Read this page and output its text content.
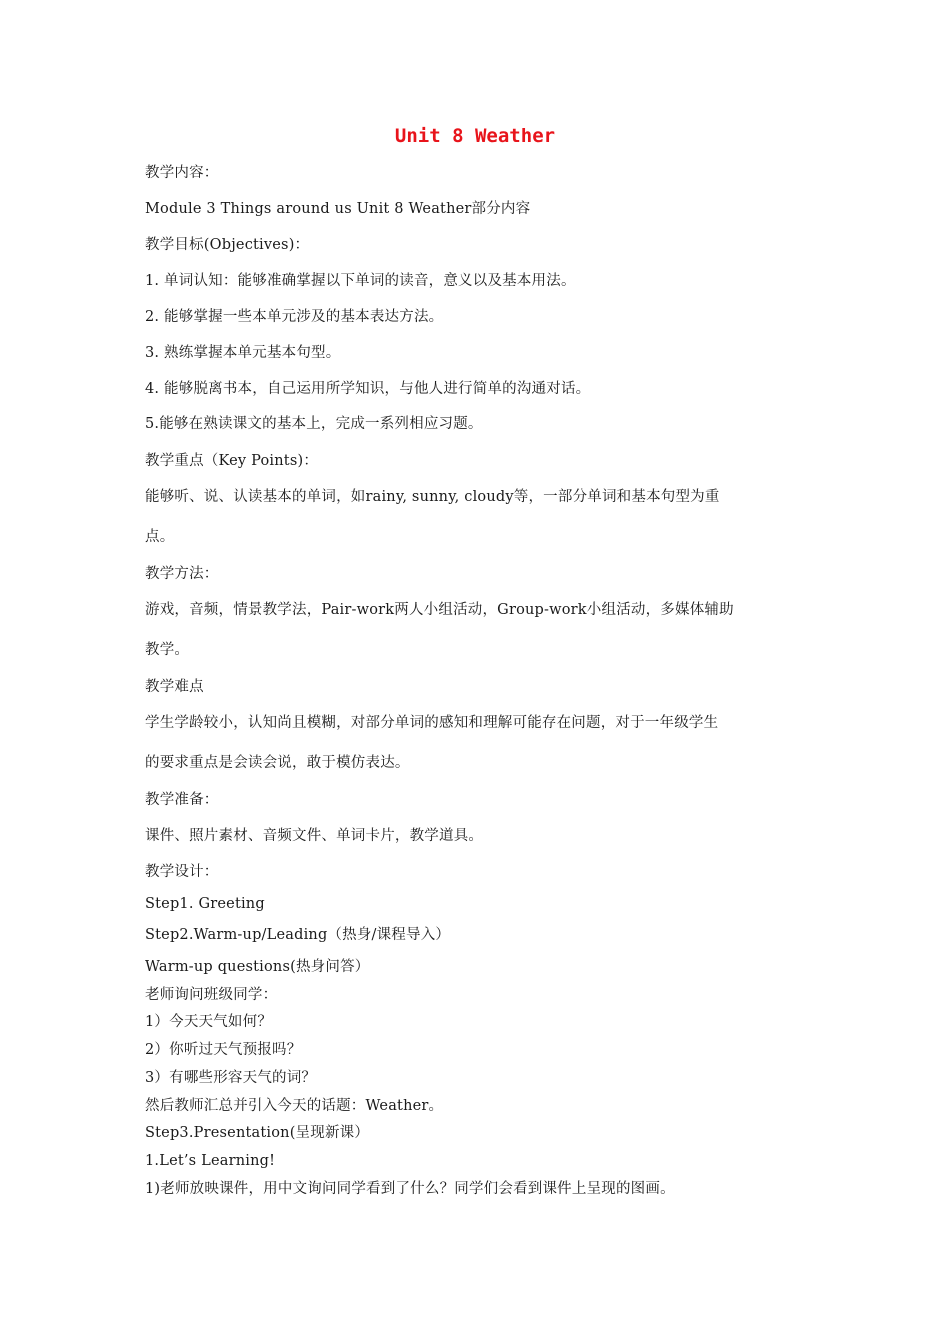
Unit 8 Weather
教学内容：
Module 3 Things around us Unit 8 Weather部分内容
教学目标(Objectives)：
1. 单词认知：能够准确掌握以下单词的读音，意义以及基本用法。
2. 能够掌握一些本单元涉及的基本表达方法。
3. 熟练掌握本单元基本句型。
4. 能够脱离书本，自己运用所学知识，与他人进行简单的沟通对话。
5.能够在熟读课文的基本上，完成一系列相应习题。
教学重点（Key Points)：
能够听、说、认读基本的单词，如rainy, sunny, cloudy等，一部分单词和基本句型为重
点。
教学方法：
游戏，音频，情景教学法，Pair-work两人小组活动，Group-work小组活动，多媒体辅助
教学。
教学难点
学生学龄较小，认知尚且模糊，对部分单词的感知和理解可能存在问题，对于一年级学生
的要求重点是会读会说，敢于模仿表达。
教学准备：
课件、照片素材、音频文件、单词卡片，教学道具。
教学设计：
Step1. Greeting
Step2.Warm-up/Leading（热身/课程导入）
Warm-up questions(热身问答）
老师询问班级同学：
1）今天天气如何？
2）你听过天气预报吗？
3）有哪些形容天气的词？
然后教师汇总并引入今天的话题：Weather。
Step3.Presentation(呈现新课）
1.Let’s Learning!
1)老师放映课件，用中文询问同学看到了什么？同学们会看到课件上呈现的图画。
